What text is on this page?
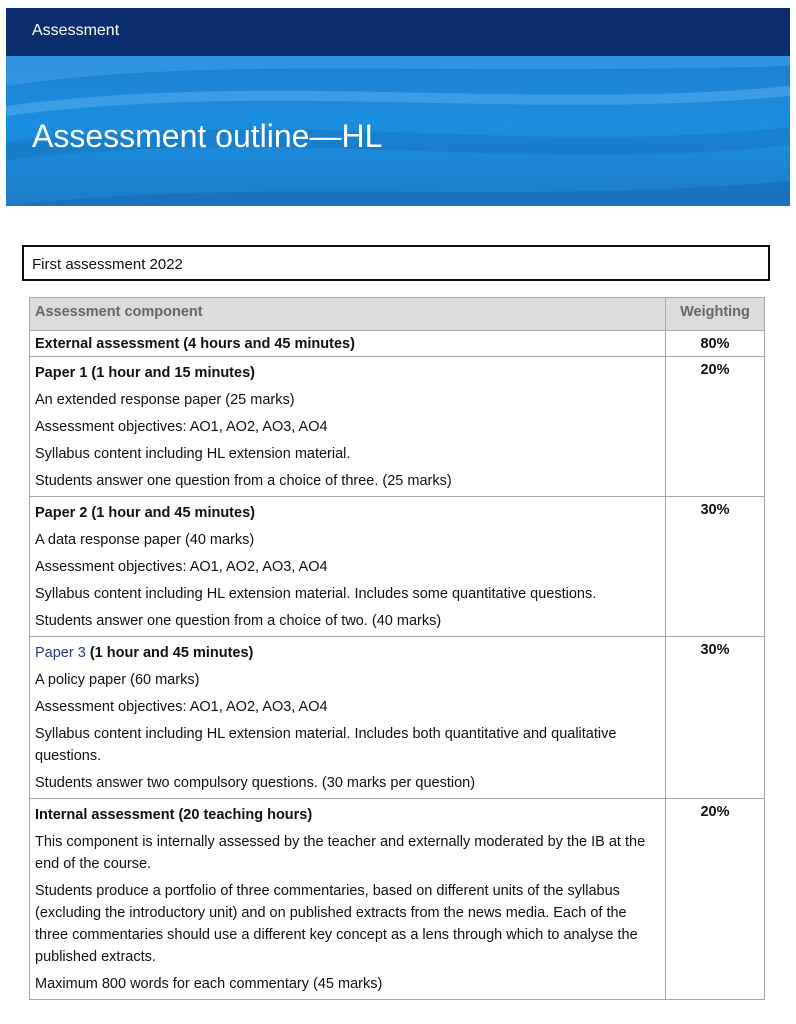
Assessment
Assessment outline—HL
First assessment 2022
Assessment component	Weighting
External assessment (4 hours and 45 minutes)	80%

Paper 1 (1 hour and 15 minutes)
An extended response paper (25 marks)
Assessment objectives: AO1, AO2, AO3, AO4
Syllabus content including HL extension material.
Students answer one question from a choice of three. (25 marks)	20%

Paper 2 (1 hour and 45 minutes)
A data response paper (40 marks)
Assessment objectives: AO1, AO2, AO3, AO4
Syllabus content including HL extension material. Includes some quantitative questions.
Students answer one question from a choice of two. (40 marks)	30%

Paper 3 (1 hour and 45 minutes)
A policy paper (60 marks)
Assessment objectives: AO1, AO2, AO3, AO4
Syllabus content including HL extension material. Includes both quantitative and qualitative questions.
Students answer two compulsory questions. (30 marks per question)	30%

Internal assessment (20 teaching hours)
This component is internally assessed by the teacher and externally moderated by the IB at the end of the course.
Students produce a portfolio of three commentaries, based on different units of the syllabus (excluding the introductory unit) and on published extracts from the news media. Each of the three commentaries should use a different key concept as a lens through which to analyse the published extracts.
Maximum 800 words for each commentary (45 marks)	20%
